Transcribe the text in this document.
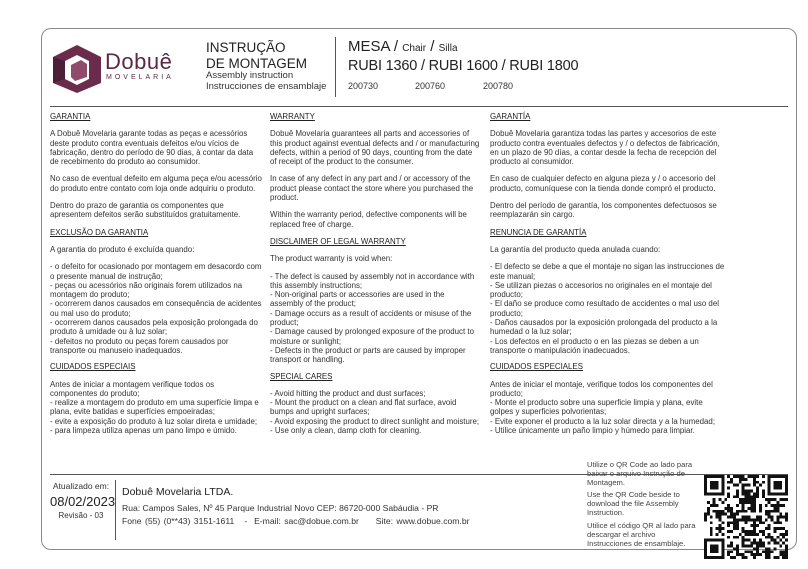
Dobuê
MOVELARIA
INSTRUÇÃO
DE MONTAGEM
Assembly instruction
Instrucciones de ensamblaje
MESA / Chair / Silla
RUBI 1360 / RUBI 1600 / RUBI 1800
200730	200760	200780
GARANTIA

A Dobuê Movelaria garante todas as peças e acessórios deste produto contra eventuais defeitos e/ou vícios de fabricação, dentro do período de 90 dias, à contar da data de recebimento do produto ao consumidor.

No caso de eventual defeito em alguma peça e/ou acessório do produto entre contato com loja onde adquiriu o produto.

Dentro do prazo de garantia os componentes que apresentem defeitos serão substituídos gratuitamente.

EXCLUSÃO DA GARANTIA

A garantia do produto é excluída quando:

- o defeito for ocasionado por montagem em desacordo com o presente manual de instrução;
- peças ou acessórios não originais forem utilizados na montagem do produto;
- ocorrerem danos causados em consequência de acidentes ou mal uso do produto;
- ocorrerem danos causados pela exposição prolongada do produto à umidade ou à luz solar;
- defeitos no produto ou peças forem causados por transporte ou manuseio inadequados.
CUIDADOS ESPECIAIS
Antes de iniciar a montagem verifique todos os componentes do produto;
- realize a montagem do produto em uma superfície limpa e plana, evite batidas e superfícies empoeiradas;
- evite a exposição do produto à luz solar direta e umidade;
- para limpeza utiliza apenas um pano limpo e úmido.
WARRANTY

Dobuê Movelaria guarantees all parts and accessories of this product against eventual defects and / or manufacturing defects, within a period of 90 days, counting from the date of receipt of the product to the consumer.

In case of any defect in any part and / or accessory of the product please contact the store where you purchased the product.

Within the warranty period, defective components will be replaced free of charge.

DISCLAIMER OF LEGAL WARRANTY

The product warranty is void when:

- The defect is caused by assembly not in accordance with this assembly instructions;
- Non-original parts or accessories are used in the assembly of the product;
- Damage occurs as a result of accidents or misuse of the product;
- Damage caused by prolonged exposure of the product to moisture or sunlight;
- Defects in the product or parts are caused by improper transport or handling.
SPECIAL CARES
- Avoid hitting the product and dust surfaces;
- Mount the product on a clean and flat surface, avoid bumps and upright surfaces;
- Avoid exposing the product to direct sunlight and moisture;
- Use only a clean, damp cloth for cleaning.
GARANTÍA

Dobuê Movelaria garantiza todas las partes y accesorios de este producto contra eventuales defectos y / o defectos de fabricación, en un plazo de 90 días, a contar desde la fecha de recepción del producto al consumidor.

En caso de cualquier defecto en alguna pieza y / o accesorio del producto, comuníquese con la tienda donde compró el producto.

Dentro del período de garantía, los componentes defectuosos se reemplazarán sin cargo.

RENUNCIA DE GARANTÍA

La garantía del producto queda anulada cuando:

- El defecto se debe a que el montaje no sigan las instrucciones de este manual;
- Se utilizan piezas o accesorios no originales en el montaje del producto;
- El daño se produce como resultado de accidentes o mal uso del producto;
- Daños causados por la exposición prolongada del producto a la humedad o la luz solar;
- Los defectos en el producto o en las piezas se deben a un transporte o manipulación inadecuados.
CUIDADOS ESPECIALES
Antes de iniciar el montaje, verifique todos los componentes del producto;
- Monte el producto sobre una superficie limpia y plana, evite golpes y superficies polvorientas;
- Evite exponer el producto a la luz solar directa y a la humedad;
- Utilice únicamente un paño limpio y húmedo para limpiar.
Atualizado em:
08/02/2023
Revisão - 03
Dobuê Movelaria LTDA.
Rua: Campos Sales, Nº 45 Parque Industrial Novo CEP: 86720-000 Sabáudia - PR
Fone (55) (0**43) 3151-1611   -  E-mail: sac@dobue.com.br Site: www.dobue.com.br
Utilize o QR Code ao lado para baixar o arquivo Instrução de Montagem.
Use the QR Code beside to download the file Assembly Instruction.
Utilice el código QR al lado para descargar el archivo Instrucciones de ensamblaje.
